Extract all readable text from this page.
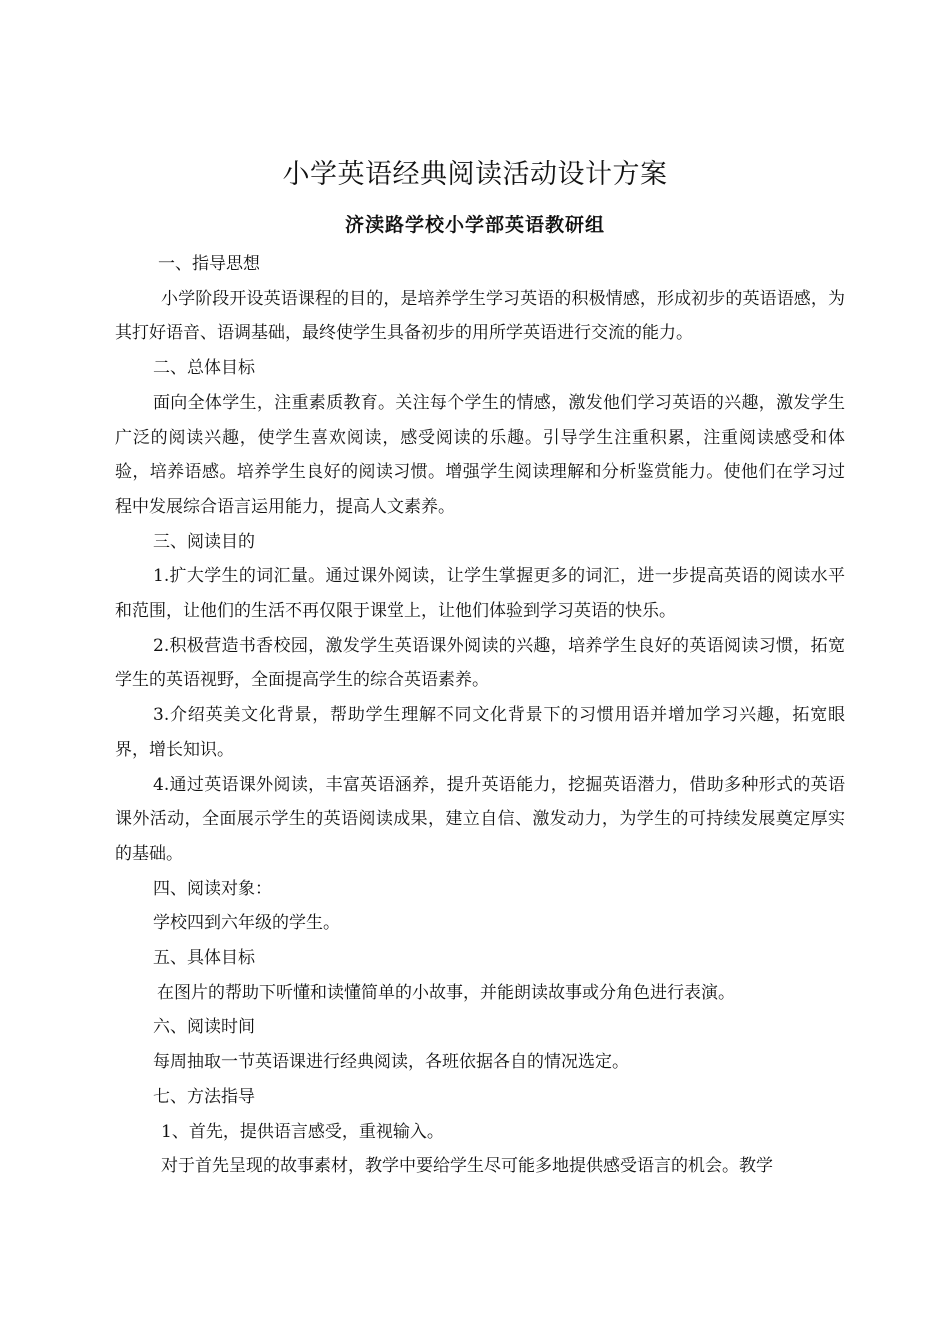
小学英语经典阅读活动设计方案
济渎路学校小学部英语教研组

一、指导思想

小学阶段开设英语课程的目的，是培养学生学习英语的积极情感，形成初步的英语语感，为其打好语音、语调基础，最终使学生具备初步的用所学英语进行交流的能力。

二、总体目标

面向全体学生，注重素质教育。关注每个学生的情感，激发他们学习英语的兴趣，激发学生广泛的阅读兴趣，使学生喜欢阅读，感受阅读的乐趣。引导学生注重积累，注重阅读感受和体验，培养语感。培养学生良好的阅读习惯。增强学生阅读理解和分析鉴赏能力。使他们在学习过程中发展综合语言运用能力，提高人文素养。

三、阅读目的

1.扩大学生的词汇量。通过课外阅读，让学生掌握更多的词汇，进一步提高英语的阅读水平和范围，让他们的生活不再仅限于课堂上，让他们体验到学习英语的快乐。

2.积极营造书香校园，激发学生英语课外阅读的兴趣，培养学生良好的英语阅读习惯，拓宽学生的英语视野，全面提高学生的综合英语素养。

3.介绍英美文化背景，帮助学生理解不同文化背景下的习惯用语并增加学习兴趣，拓宽眼界，增长知识。

4.通过英语课外阅读，丰富英语涵养，提升英语能力，挖掘英语潜力，借助多种形式的英语课外活动，全面展示学生的英语阅读成果，建立自信、激发动力，为学生的可持续发展奠定厚实的基础。

四、阅读对象：

学校四到六年级的学生。

五、具体目标

在图片的帮助下听懂和读懂简单的小故事，并能朗读故事或分角色进行表演。

六、阅读时间

每周抽取一节英语课进行经典阅读，各班依据各自的情况选定。

七、方法指导

1、首先，提供语言感受，重视输入。

对于首先呈现的故事素材，教学中要给学生尽可能多地提供感受语言的机会。教学
